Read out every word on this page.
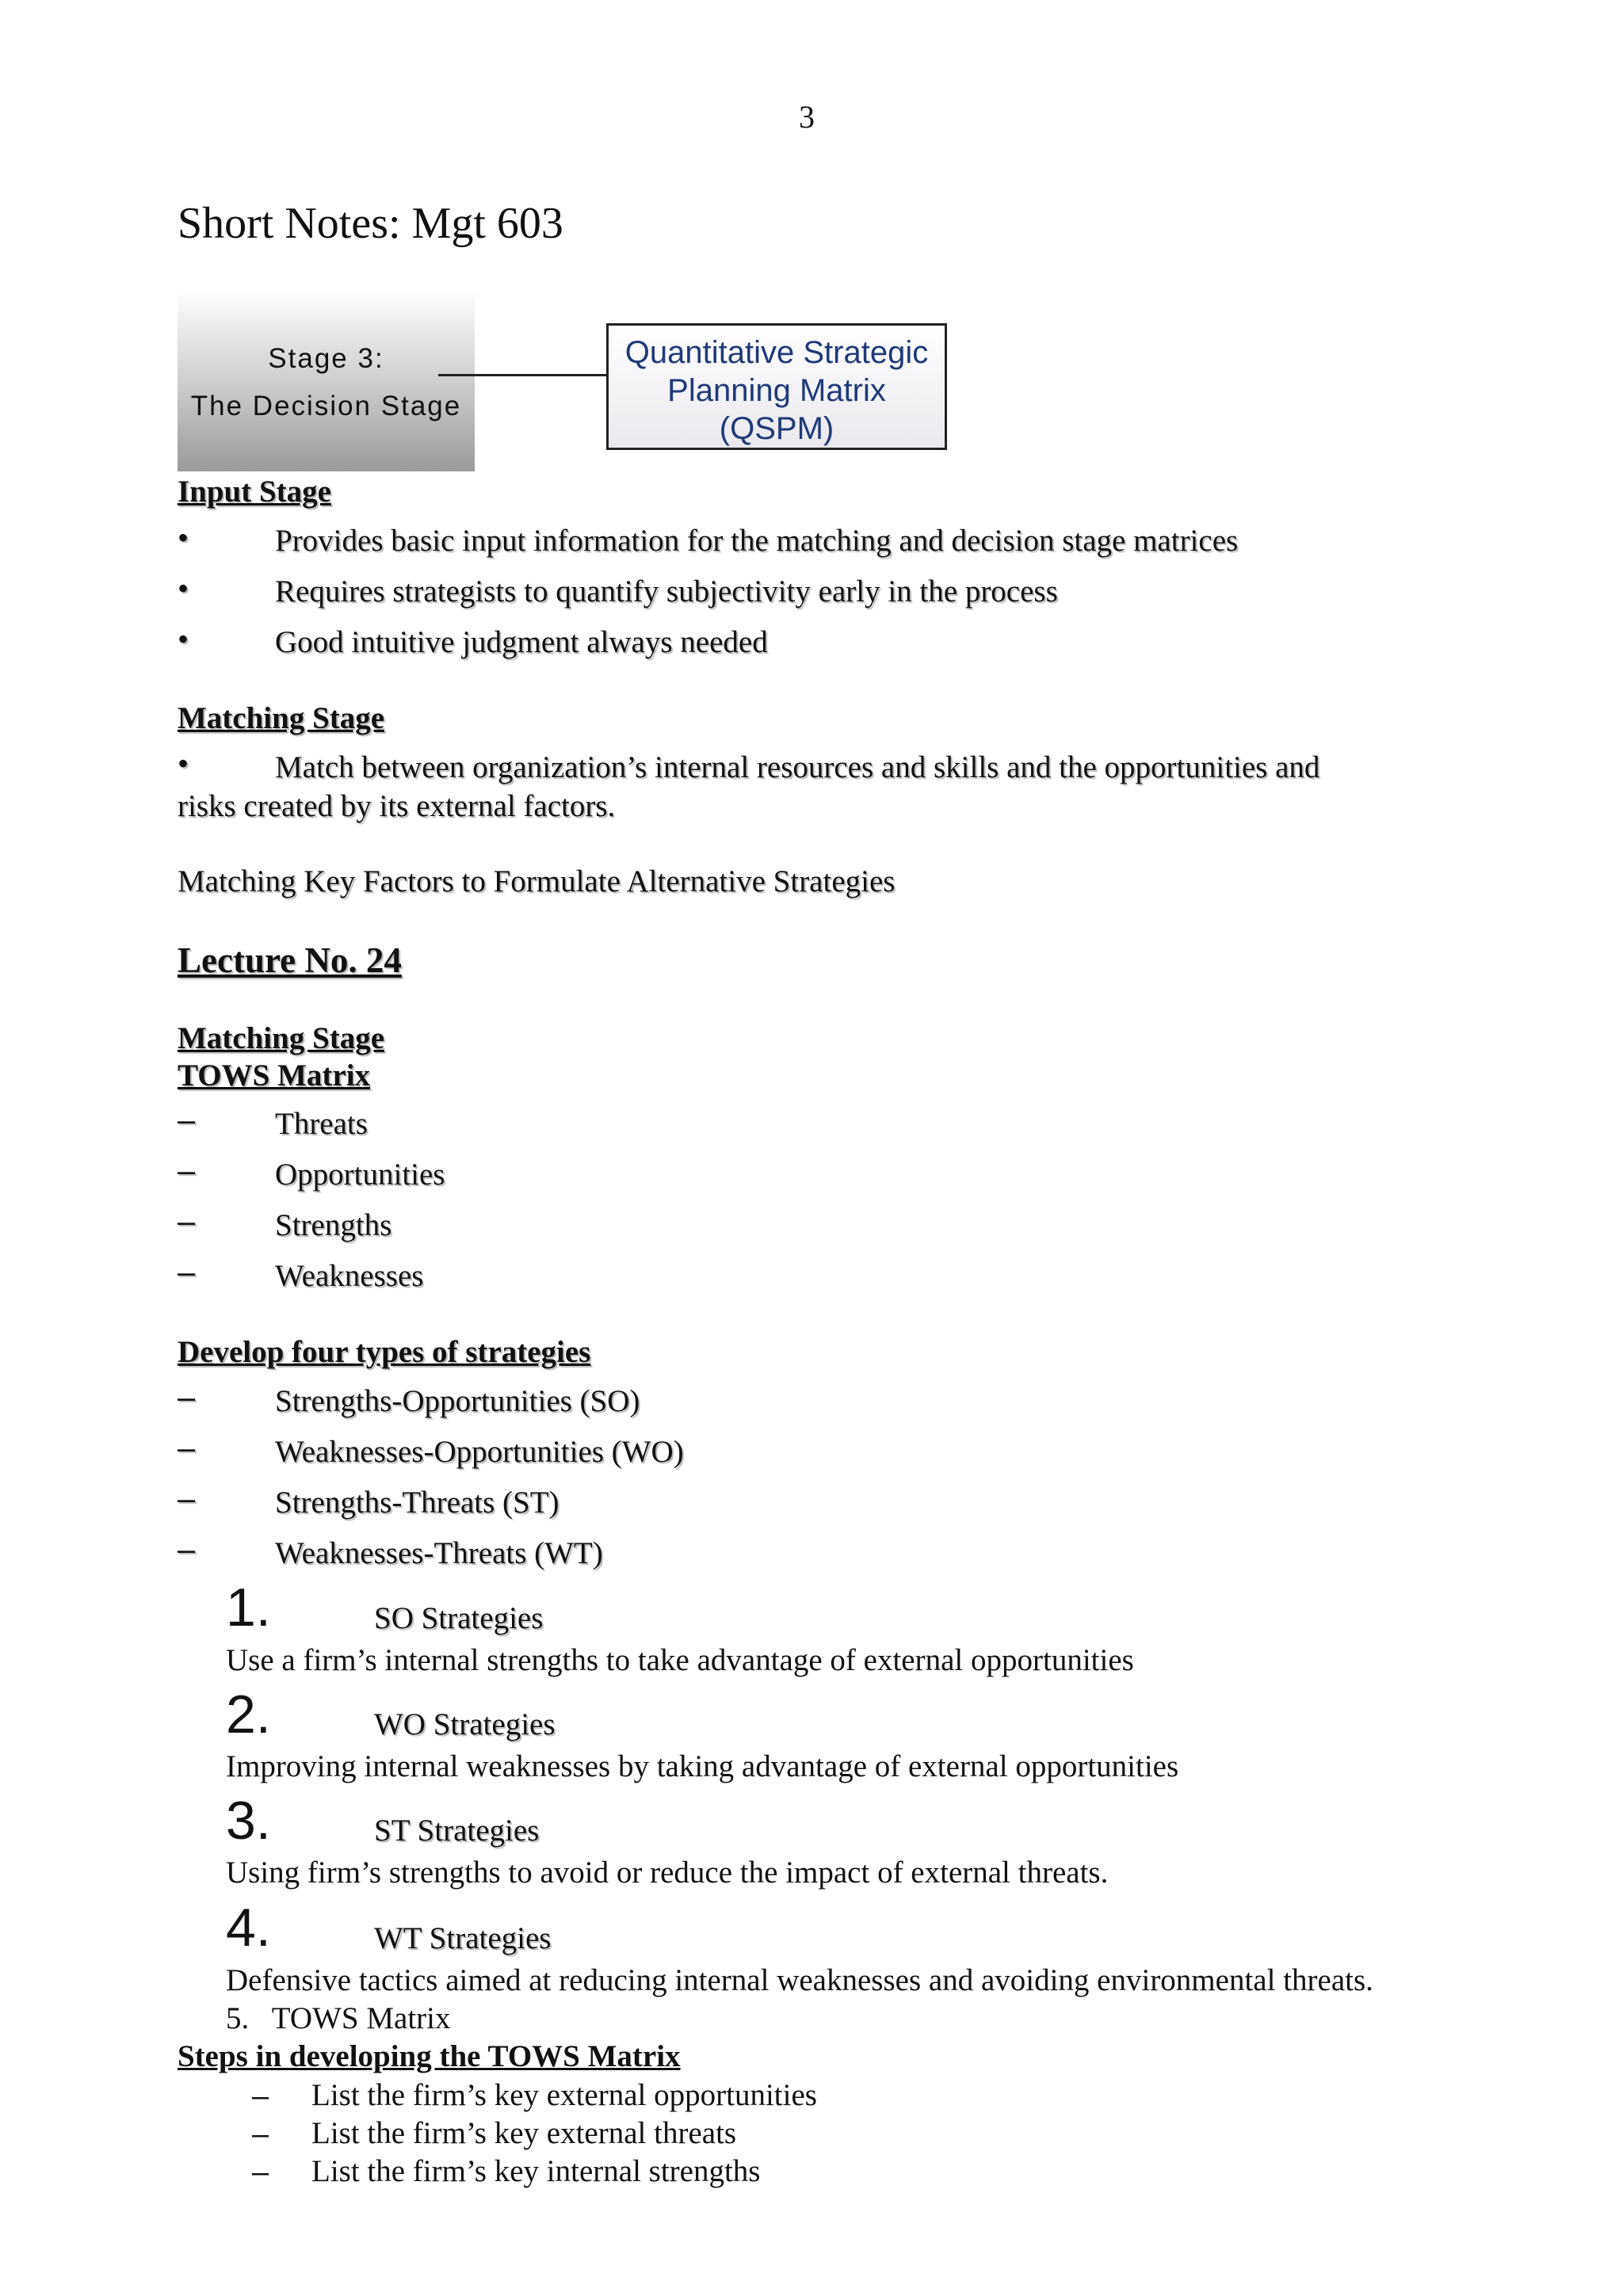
3
Short Notes: Mgt 603
Stage 3:
The Decision Stage
Quantitative Strategic
Planning Matrix
(QSPM)
Input Stage
•	Provides basic input information for the matching and decision stage matrices
•	Requires strategists to quantify subjectivity early in the process
•	Good intuitive judgment always needed
Matching Stage
•	Match between organization’s internal resources and skills and the opportunities and
risks created by its external factors.
Matching Key Factors to Formulate Alternative Strategies
Lecture No. 24
Matching Stage
TOWS Matrix
–	Threats
–	Opportunities
–	Strengths
–	Weaknesses
Develop four types of strategies
–	Strengths-Opportunities (SO)
–	Weaknesses-Opportunities (WO)
–	Strengths-Threats (ST)
–	Weaknesses-Threats (WT)
1.	SO Strategies
Use a firm’s internal strengths to take advantage of external opportunities
2.	WO Strategies
Improving internal weaknesses by taking advantage of external opportunities
3.	ST Strategies
Using firm’s strengths to avoid or reduce the impact of external threats.
4.	WT Strategies
Defensive tactics aimed at reducing internal weaknesses and avoiding environmental threats.
5.   TOWS Matrix
Steps in developing the TOWS Matrix
– List the firm’s key external opportunities
– List the firm’s key external threats
– List the firm’s key internal strengths
